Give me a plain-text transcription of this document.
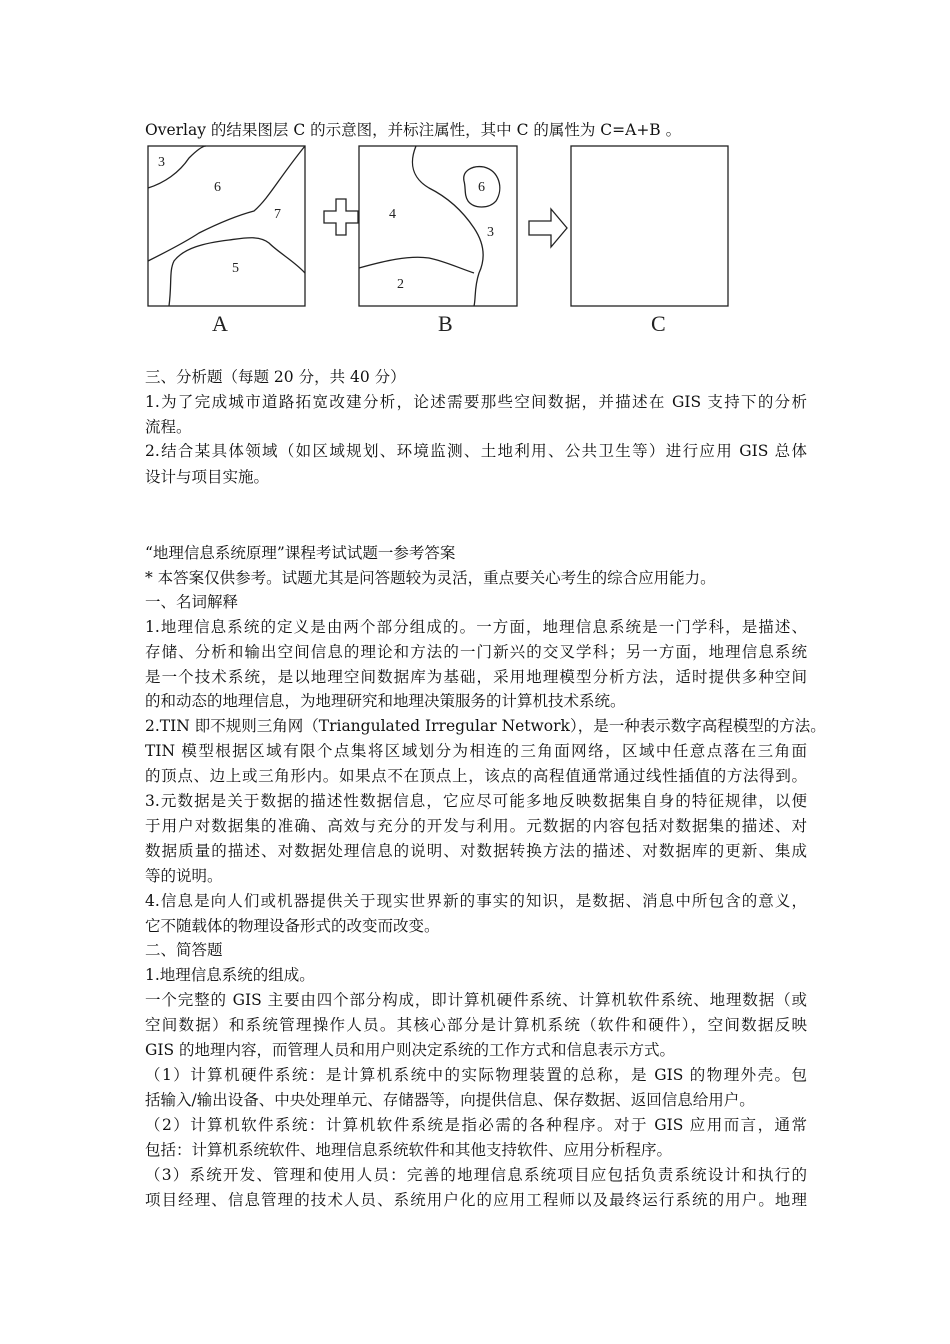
Overlay 的结果图层 C 的示意图，并标注属性，其中 C 的属性为 C=A+B 。
3
6
7
5
6
4
3
2
A	B	C
三、分析题（每题 20 分，共 40 分）
1.为了完成城市道路拓宽改建分析，论述需要那些空间数据，并描述在 GIS 支持下的分析
流程。
2.结合某具体领域（如区域规划、环境监测、土地利用、公共卫生等）进行应用 GIS 总体
设计与项目实施。
“地理信息系统原理”课程考试试题一参考答案
* 本答案仅供参考。试题尤其是问答题较为灵活，重点要关心考生的综合应用能力。
一、名词解释
1.地理信息系统的定义是由两个部分组成的。一方面，地理信息系统是一门学科，是描述、
存储、分析和输出空间信息的理论和方法的一门新兴的交叉学科；另一方面，地理信息系统
是一个技术系统，是以地理空间数据库为基础，采用地理模型分析方法，适时提供多种空间
的和动态的地理信息，为地理研究和地理决策服务的计算机技术系统。
2.TIN 即不规则三角网（Triangulated Irregular Network），是一种表示数字高程模型的方法。
TIN 模型根据区域有限个点集将区域划分为相连的三角面网络，区域中任意点落在三角面
的顶点、边上或三角形内。如果点不在顶点上，该点的高程值通常通过线性插值的方法得到。
3.元数据是关于数据的描述性数据信息，它应尽可能多地反映数据集自身的特征规律，以便
于用户对数据集的准确、高效与充分的开发与利用。元数据的内容包括对数据集的描述、对
数据质量的描述、对数据处理信息的说明、对数据转换方法的描述、对数据库的更新、集成
等的说明。
4.信息是向人们或机器提供关于现实世界新的事实的知识，是数据、消息中所包含的意义，
它不随载体的物理设备形式的改变而改变。
二、简答题
1.地理信息系统的组成。
一个完整的 GIS 主要由四个部分构成，即计算机硬件系统、计算机软件系统、地理数据（或
空间数据）和系统管理操作人员。其核心部分是计算机系统（软件和硬件），空间数据反映
GIS 的地理内容，而管理人员和用户则决定系统的工作方式和信息表示方式。
（1）计算机硬件系统：是计算机系统中的实际物理装置的总称，是 GIS 的物理外壳。包
括输入/输出设备、中央处理单元、存储器等，向提供信息、保存数据、返回信息给用户。
（2）计算机软件系统：计算机软件系统是指必需的各种程序。对于 GIS 应用而言，通常
包括：计算机系统软件、地理信息系统软件和其他支持软件、应用分析程序。
（3）系统开发、管理和使用人员：完善的地理信息系统项目应包括负责系统设计和执行的
项目经理、信息管理的技术人员、系统用户化的应用工程师以及最终运行系统的用户。地理
